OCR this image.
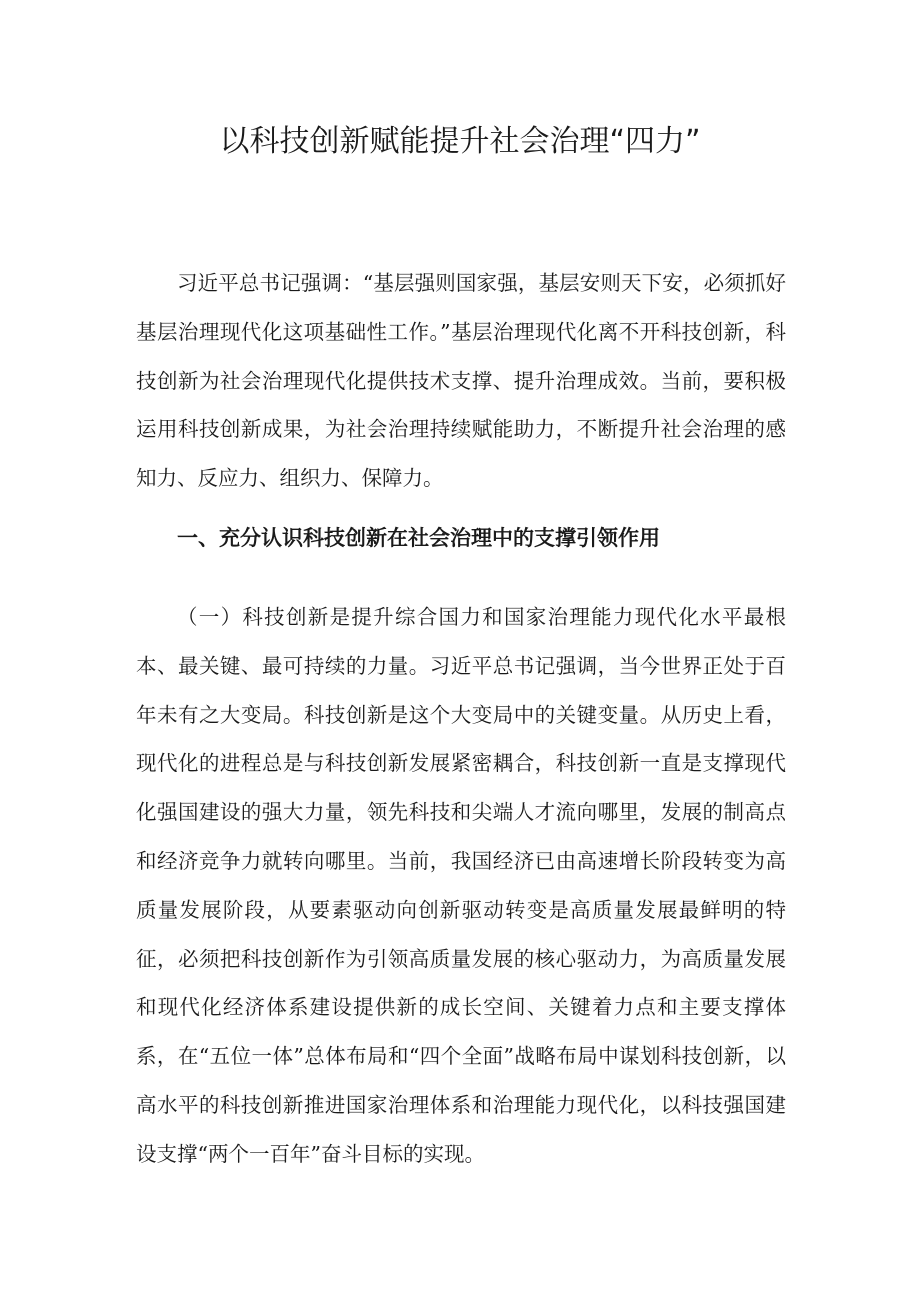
以科技创新赋能提升社会治理“四力”

习近平总书记强调：“基层强则国家强，基层安则天下安，必须抓好基层治理现代化这项基础性工作。”基层治理现代化离不开科技创新，科技创新为社会治理现代化提供技术支撑、提升治理成效。当前，要积极运用科技创新成果，为社会治理持续赋能助力，不断提升社会治理的感知力、反应力、组织力、保障力。

一、充分认识科技创新在社会治理中的支撑引领作用

（一）科技创新是提升综合国力和国家治理能力现代化水平最根本、最关键、最可持续的力量。习近平总书记强调，当今世界正处于百年未有之大变局。科技创新是这个大变局中的关键变量。从历史上看，现代化的进程总是与科技创新发展紧密耦合，科技创新一直是支撑现代化强国建设的强大力量，领先科技和尖端人才流向哪里，发展的制高点和经济竞争力就转向哪里。当前，我国经济已由高速增长阶段转变为高质量发展阶段，从要素驱动向创新驱动转变是高质量发展最鲜明的特征，必须把科技创新作为引领高质量发展的核心驱动力，为高质量发展和现代化经济体系建设提供新的成长空间、关键着力点和主要支撑体系，在“五位一体”总体布局和“四个全面”战略布局中谋划科技创新，以高水平的科技创新推进国家治理体系和治理能力现代化，以科技强国建设支撑“两个一百年”奋斗目标的实现。
